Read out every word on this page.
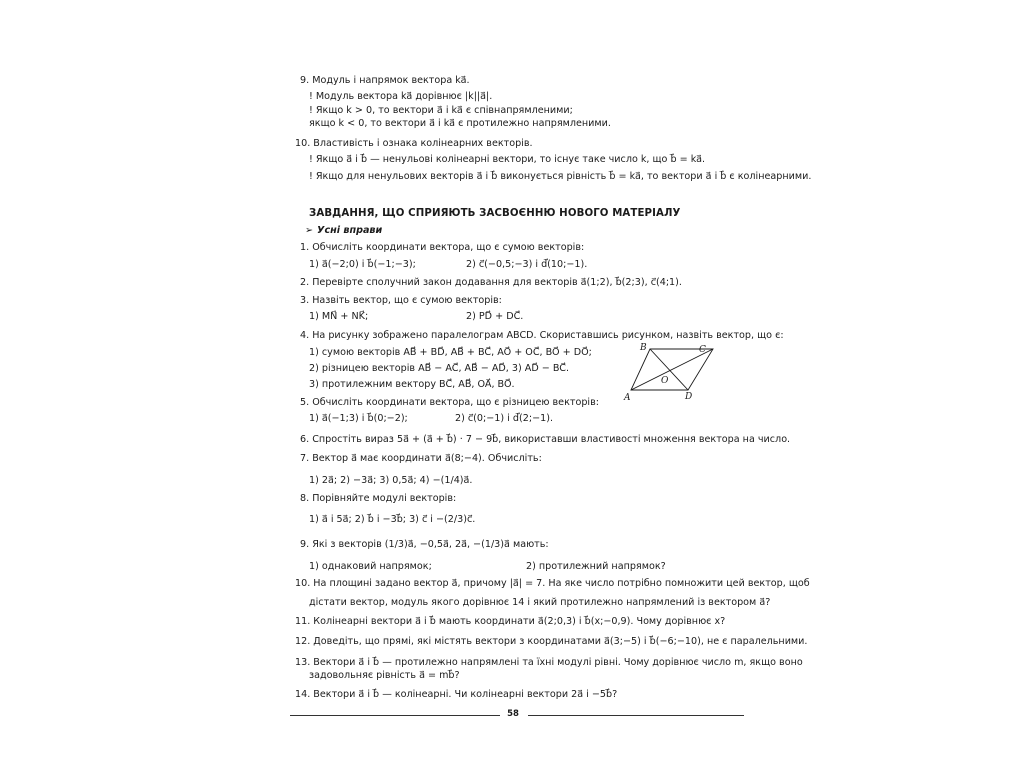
9. Модуль і напрямок вектора ka⃗.
! Модуль вектора ka⃗ дорівнює |k||a⃗|.
! Якщо k > 0, то вектори a⃗ і ka⃗ є співнапрямленими;
якщо k < 0, то вектори a⃗ і ka⃗ є протилежно напрямленими.
10. Властивість і ознака колінеарних векторів.
! Якщо a⃗ і b⃗ — ненульові колінеарні вектори, то існує таке число k, що b⃗ = ka⃗.
! Якщо для ненульових векторів a⃗ і b⃗ виконується рівність b⃗ = ka⃗, то вектори a⃗ і b⃗ є колінеарними.
ЗАВДАННЯ, ЩО СПРИЯЮТЬ ЗАСВОЄННЮ НОВОГО МАТЕРІАЛУ
➢ Усні вправи
1. Обчисліть координати вектора, що є сумою векторів:
1) a⃗(−2;0) і b⃗(−1;−3);	2) c⃗(−0,5;−3) і d⃗(10;−1).
2. Перевірте сполучний закон додавання для векторів a⃗(1;2), b⃗(2;3), c⃗(4;1).
3. Назвіть вектор, що є сумою векторів:
1) MN⃗ + NK⃗;	2) PD⃗ + DC⃗.
4. На рисунку зображено паралелограм ABCD. Скориставшись рисунком, назвіть вектор, що є:
1) сумою векторів AB⃗ + BD⃗, AB⃗ + BC⃗, AO⃗ + OC⃗, BO⃗ + DO⃗;
2) різницею векторів AB⃗ − AC⃗, AB⃗ − AD⃗, 3) AD⃗ − BC⃗.
3) протилежним вектору BC⃗, AB⃗, OA⃗, BO⃗.
5. Обчисліть координати вектора, що є різницею векторів:
1) a⃗(−1;3) і b⃗(0;−2);	2) c⃗(0;−1) і d⃗(2;−1).
6. Спростіть вираз 5a⃗ + (a⃗ + b⃗) · 7 − 9b⃗, використавши властивості множення вектора на число.
7. Вектор a⃗ має координати a⃗(8;−4). Обчисліть:
1) 2a⃗; 2) −3a⃗; 3) 0,5a⃗; 4) −(1/4)a⃗.
8. Порівняйте модулі векторів:
1) a⃗ і 5a⃗; 2) b⃗ і −3b⃗; 3) c⃗ і −(2/3)c⃗.
9. Які з векторів (1/3)a⃗, −0,5a⃗, 2a⃗, −(1/3)a⃗ мають:
1) однаковий напрямок;	2) протилежний напрямок?
10. На площині задано вектор a⃗, причому |a⃗| = 7. На яке число потрібно помножити цей вектор, щоб
дістати вектор, модуль якого дорівнює 14 і який протилежно напрямлений із вектором a⃗?
11. Колінеарні вектори a⃗ і b⃗ мають координати a⃗(2;0,3) і b⃗(x;−0,9). Чому дорівнює x?
12. Доведіть, що прямі, які містять вектори з координатами a⃗(3;−5) і b⃗(−6;−10), не є паралельними.
13. Вектори a⃗ і b⃗ — протилежно напрямлені та їхні модулі рівні. Чому дорівнює число m, якщо воно
задовольняє рівність a⃗ = mb⃗?
14. Вектори a⃗ і b⃗ — колінеарні. Чи колінеарні вектори 2a⃗ і −5b⃗?
A
B	C
D
O
58
